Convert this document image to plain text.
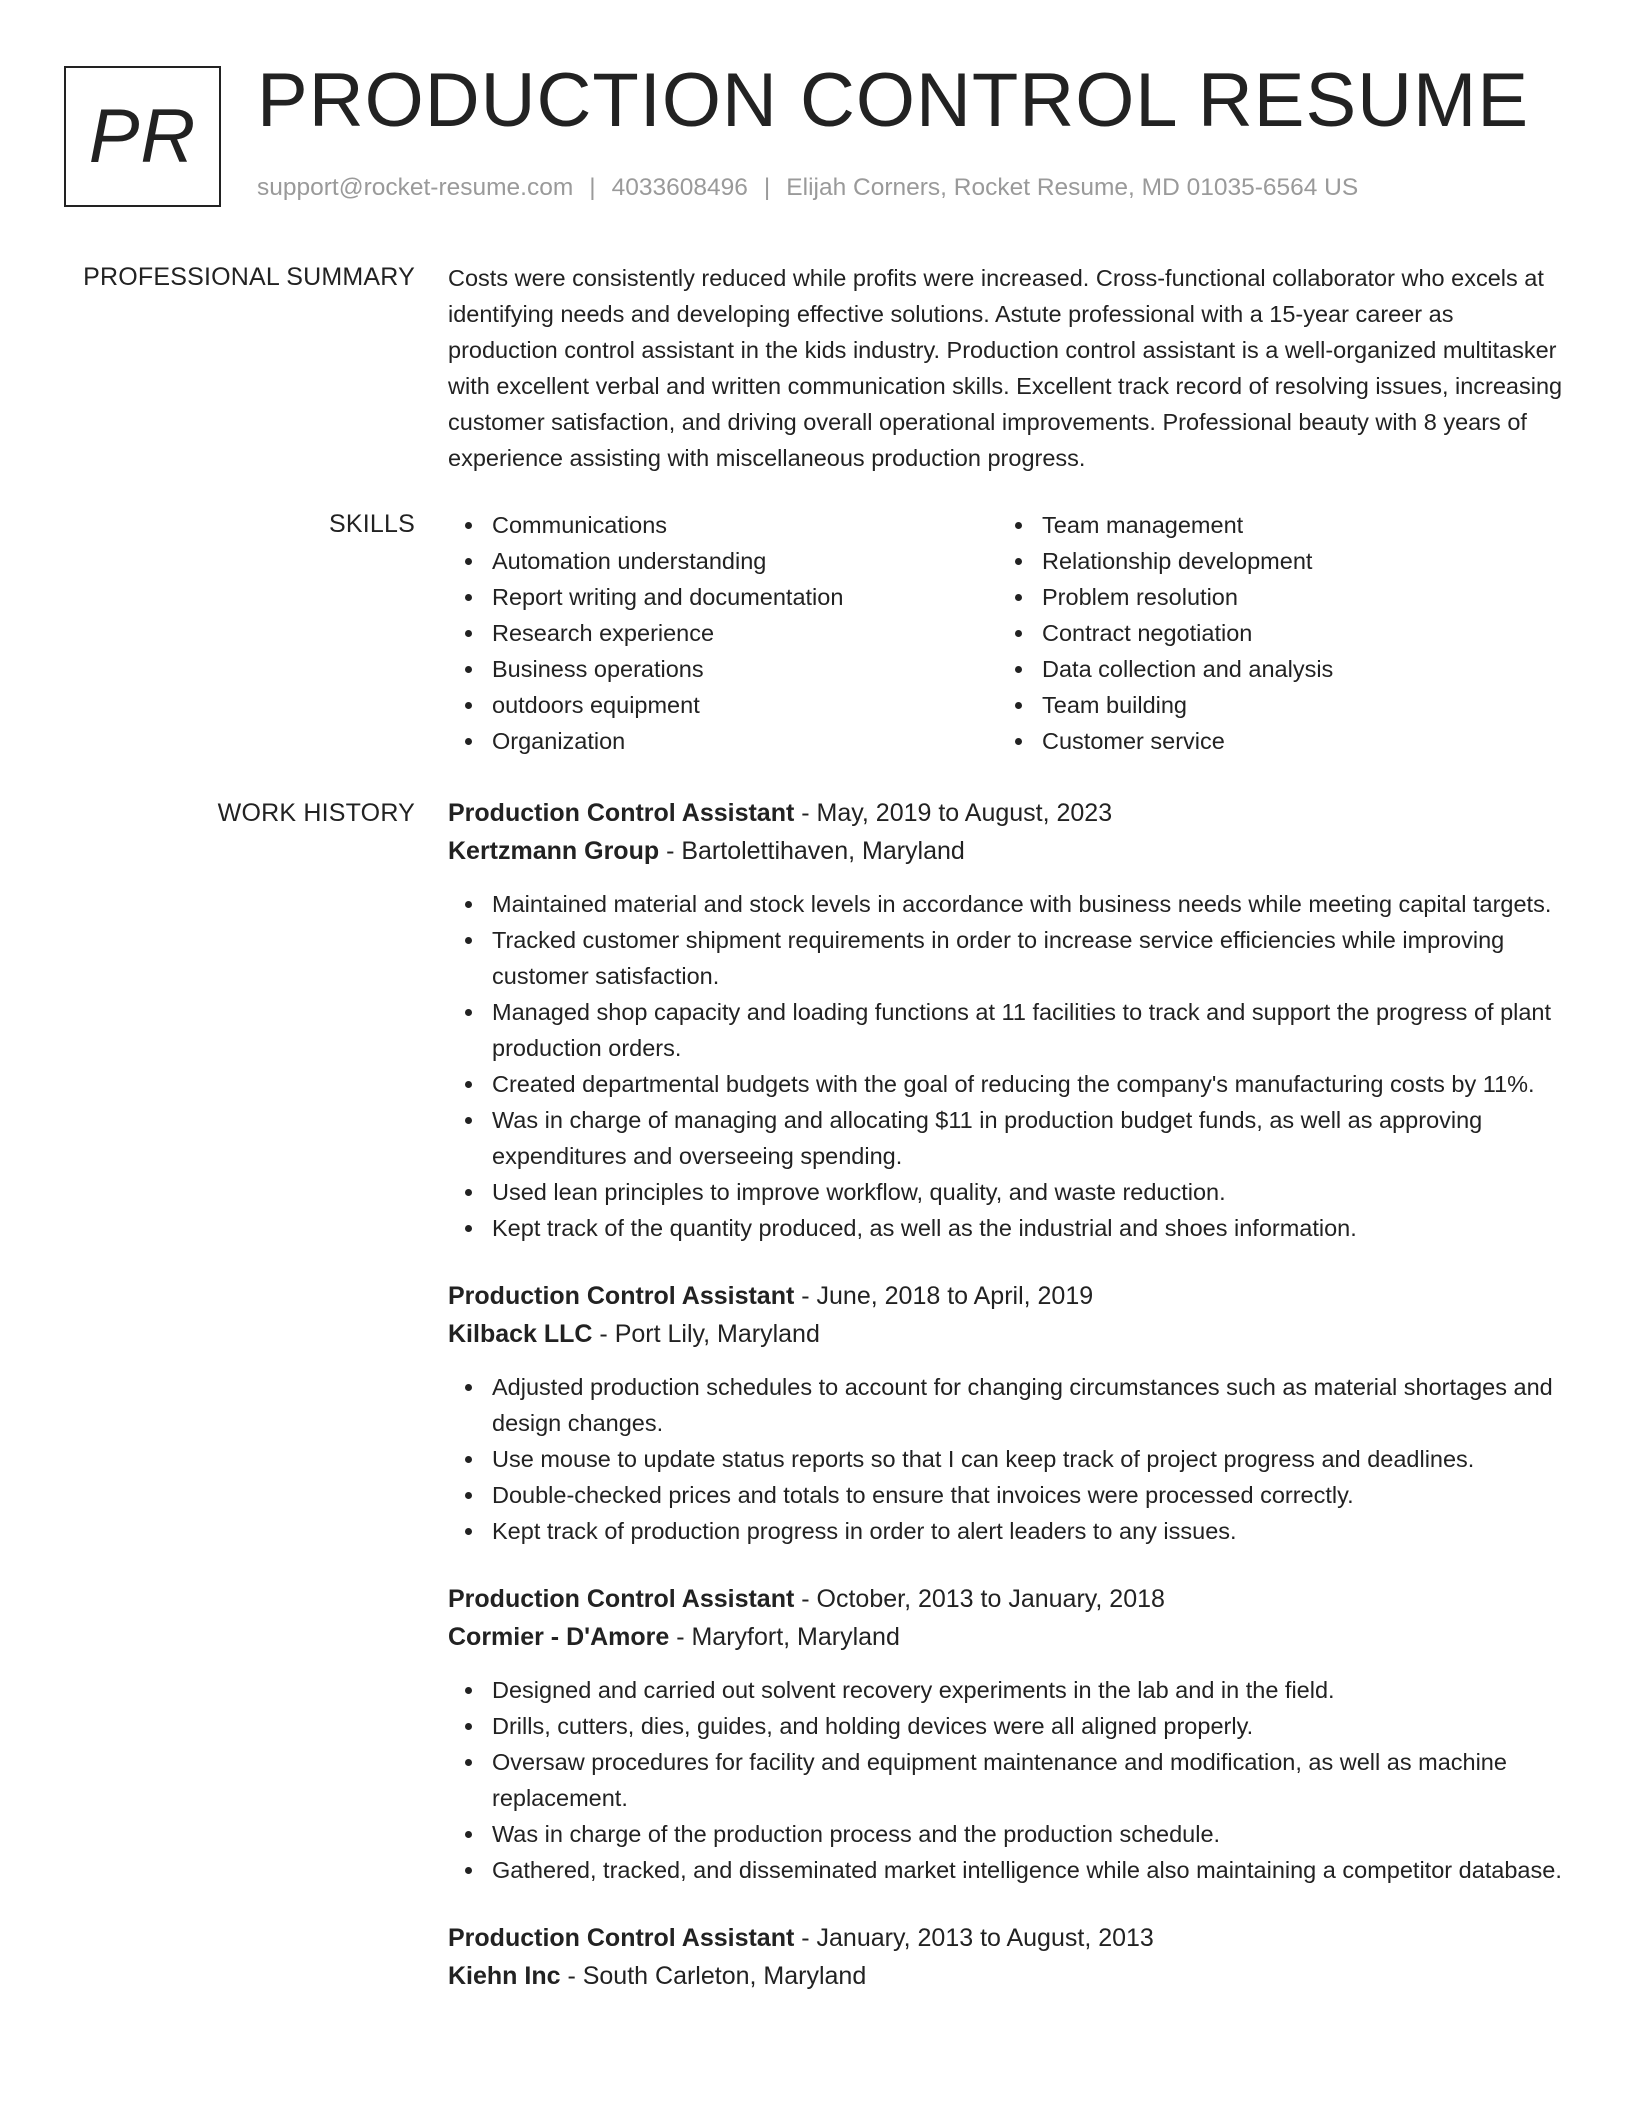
PR PRODUCTION CONTROL RESUME
support@rocket-resume.com | 4033608496 | Elijah Corners, Rocket Resume, MD 01035-6564 US
PROFESSIONAL SUMMARY Costs were consistently reduced while profits were increased. Cross-functional collaborator who excels at identifying needs and developing effective solutions. Astute professional with a 15-year career as production control assistant in the kids industry. Production control assistant is a well-organized multitasker with excellent verbal and written communication skills. Excellent track record of resolving issues, increasing customer satisfaction, and driving overall operational improvements. Professional beauty with 8 years of experience assisting with miscellaneous production progress.

SKILLS	Communications
Automation understanding
Report writing and documentation
Research experience
Business operations
outdoors equipment
Organization
Team management
Relationship development
Problem resolution
Contract negotiation
Data collection and analysis
Team building
Customer service
WORK HISTORY Production Control Assistant - May, 2019 to August, 2023
Kertzmann Group - Bartolettihaven, Maryland
Maintained material and stock levels in accordance with business needs while meeting capital targets.
Tracked customer shipment requirements in order to increase service efficiencies while improving customer satisfaction.
Managed shop capacity and loading functions at 11 facilities to track and support the progress of plant production orders.
Created departmental budgets with the goal of reducing the company's manufacturing costs by 11%.
Was in charge of managing and allocating $11 in production budget funds, as well as approving expenditures and overseeing spending.
Used lean principles to improve workflow, quality, and waste reduction.
Kept track of the quantity produced, as well as the industrial and shoes information.
Production Control Assistant - June, 2018 to April, 2019
Kilback LLC - Port Lily, Maryland
Adjusted production schedules to account for changing circumstances such as material shortages and design changes.
Use mouse to update status reports so that I can keep track of project progress and deadlines.
Double-checked prices and totals to ensure that invoices were processed correctly.
Kept track of production progress in order to alert leaders to any issues.
Production Control Assistant - October, 2013 to January, 2018
Cormier - D'Amore - Maryfort, Maryland
Designed and carried out solvent recovery experiments in the lab and in the field.
Drills, cutters, dies, guides, and holding devices were all aligned properly.
Oversaw procedures for facility and equipment maintenance and modification, as well as machine replacement.
Was in charge of the production process and the production schedule.
Gathered, tracked, and disseminated market intelligence while also maintaining a competitor database.
Production Control Assistant - January, 2013 to August, 2013
Kiehn Inc - South Carleton, Maryland
